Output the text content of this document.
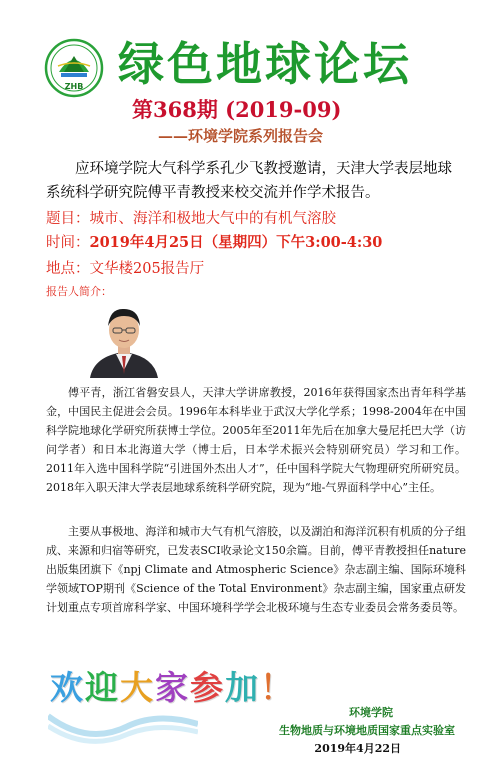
ZHB 绿色地球论坛
第368期 (2019-09)
——环境学院系列报告会
应环境学院大气科学系孔少飞教授邀请，天津大学表层地球系统科学研究院傅平青教授来校交流并作学术报告。
题目：城市、海洋和极地大气中的有机气溶胶
时间：2019年4月25日（星期四）下午3:00-4:30
地点：文华楼205报告厅
报告人简介：
傅平青，浙江省磐安县人，天津大学讲席教授，2016年获得国家杰出青年科学基金，中国民主促进会会员。1996年本科毕业于武汉大学化学系；1998-2004年在中国科学院地球化学研究所获博士学位。2005年至2011年先后在加拿大曼尼托巴大学（访问学者）和日本北海道大学（博士后，日本学术振兴会特别研究员）学习和工作。2011年入选中国科学院“引进国外杰出人才”，任中国科学院大气物理研究所研究员。2018年入职天津大学表层地球系统科学研究院，现为“地-气界面科学中心”主任。
主要从事极地、海洋和城市大气有机气溶胶，以及湖泊和海洋沉积有机质的分子组成、来源和归宿等研究，已发表SCI收录论文150余篇。目前，傅平青教授担任nature出版集团旗下《npj Climate and Atmospheric Science》杂志副主编、国际环境科学领域TOP期刊《Science of the Total Environment》杂志副主编，国家重点研发计划重点专项首席科学家、中国环境科学学会北极环境与生态专业委员会常务委员等。
欢迎大家参加！
环境学院
生物地质与环境地质国家重点实验室
2019年4月22日
